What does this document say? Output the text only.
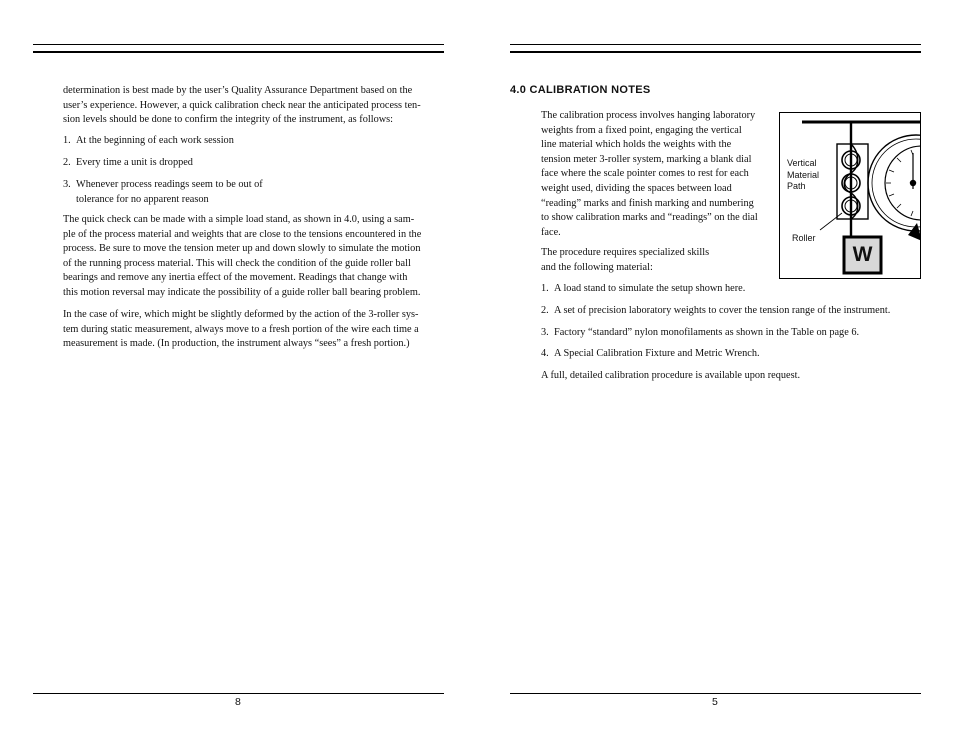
determination is best made by the user’s Quality Assurance Department based on the
user’s experience. However, a quick calibration check near the anticipated process ten-
sion levels should be done to confirm the integrity of the instrument, as follows:
1. At the beginning of each work session
2. Every time a unit is dropped
3. Whenever process readings seem to be out of
tolerance for no apparent reason
The quick check can be made with a simple load stand, as shown in 4.0, using a sam-
ple of the process material and weights that are close to the tensions encountered in the
process. Be sure to move the tension meter up and down slowly to simulate the motion
of the running process material. This will check the condition of the guide roller ball
bearings and remove any inertia effect of the movement. Readings that change with
this motion reversal may indicate the possibility of a guide roller ball bearing problem.
In the case of wire, which might be slightly deformed by the action of the 3-roller sys-
tem during static measurement, always move to a fresh portion of the wire each time a
measurement is made. (In production, the instrument always “sees” a fresh portion.)
4.0 CALIBRATION NOTES
The calibration process involves hanging laboratory
weights from a fixed point, engaging the vertical
line material which holds the weights with the
tension meter 3-roller system, marking a blank dial
face where the scale pointer comes to rest for each
weight used, dividing the spaces between load
“reading” marks and finish marking and numbering
to show calibration marks and “readings” on the dial
face.
The procedure requires specialized skills
and the following material:
1. A load stand to simulate the setup shown here.
2. A set of precision laboratory weights to cover the tension range of the instrument.
3. Factory “standard” nylon monofilaments as shown in the Table on page 6.
4. A Special Calibration Fixture and Metric Wrench.
A full, detailed calibration procedure is available upon request.
Vertical
Material
Path
Roller
W
8	5
